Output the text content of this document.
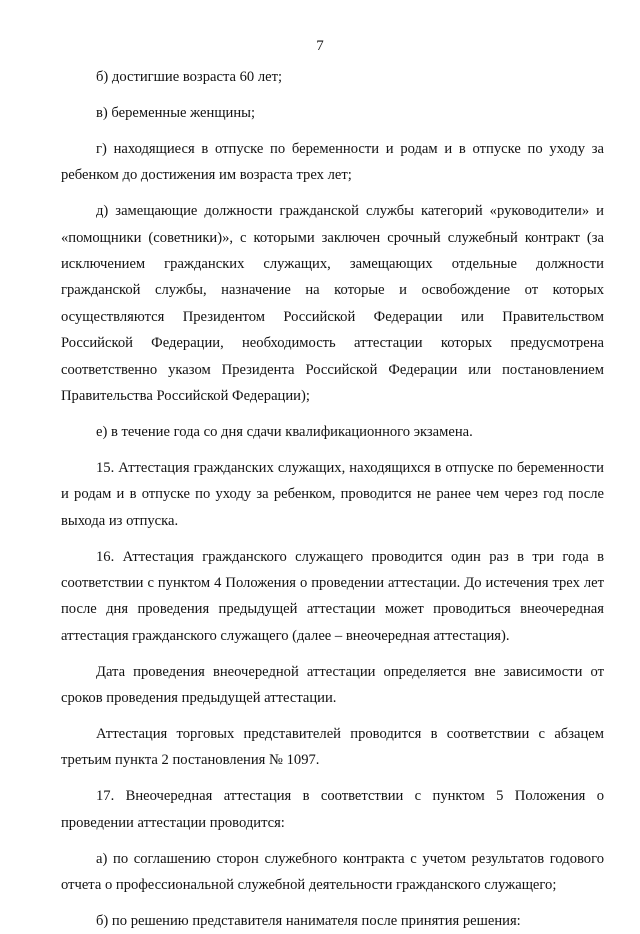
7

б) достигшие возраста 60 лет;

в) беременные женщины;

г) находящиеся в отпуске по беременности и родам и в отпуске по уходу за ребенком до достижения им возраста трех лет;

д) замещающие должности гражданской службы категорий «руководители» и «помощники (советники)», с которыми заключен срочный служебный контракт (за исключением гражданских служащих, замещающих отдельные должности гражданской службы, назначение на которые и освобождение от которых осуществляются Президентом Российской Федерации или Правительством Российской Федерации, необходимость аттестации которых предусмотрена соответственно указом Президента Российской Федерации или постановлением Правительства Российской Федерации);

е) в течение года со дня сдачи квалификационного экзамена.

15. Аттестация гражданских служащих, находящихся в отпуске по беременности и родам и в отпуске по уходу за ребенком, проводится не ранее чем через год после выхода из отпуска.

16. Аттестация гражданского служащего проводится один раз в три года в соответствии с пунктом 4 Положения о проведении аттестации. До истечения трех лет после дня проведения предыдущей аттестации может проводиться внеочередная аттестация гражданского служащего (далее – внеочередная аттестация).

Дата проведения внеочередной аттестации определяется вне зависимости от сроков проведения предыдущей аттестации.

Аттестация торговых представителей проводится в соответствии с абзацем третьим пункта 2 постановления № 1097.

17. Внеочередная аттестация в соответствии с пунктом 5 Положения о проведении аттестации проводится:

а) по соглашению сторон служебного контракта с учетом результатов годового отчета о профессиональной служебной деятельности гражданского служащего;

б) по решению представителя нанимателя после принятия решения:
